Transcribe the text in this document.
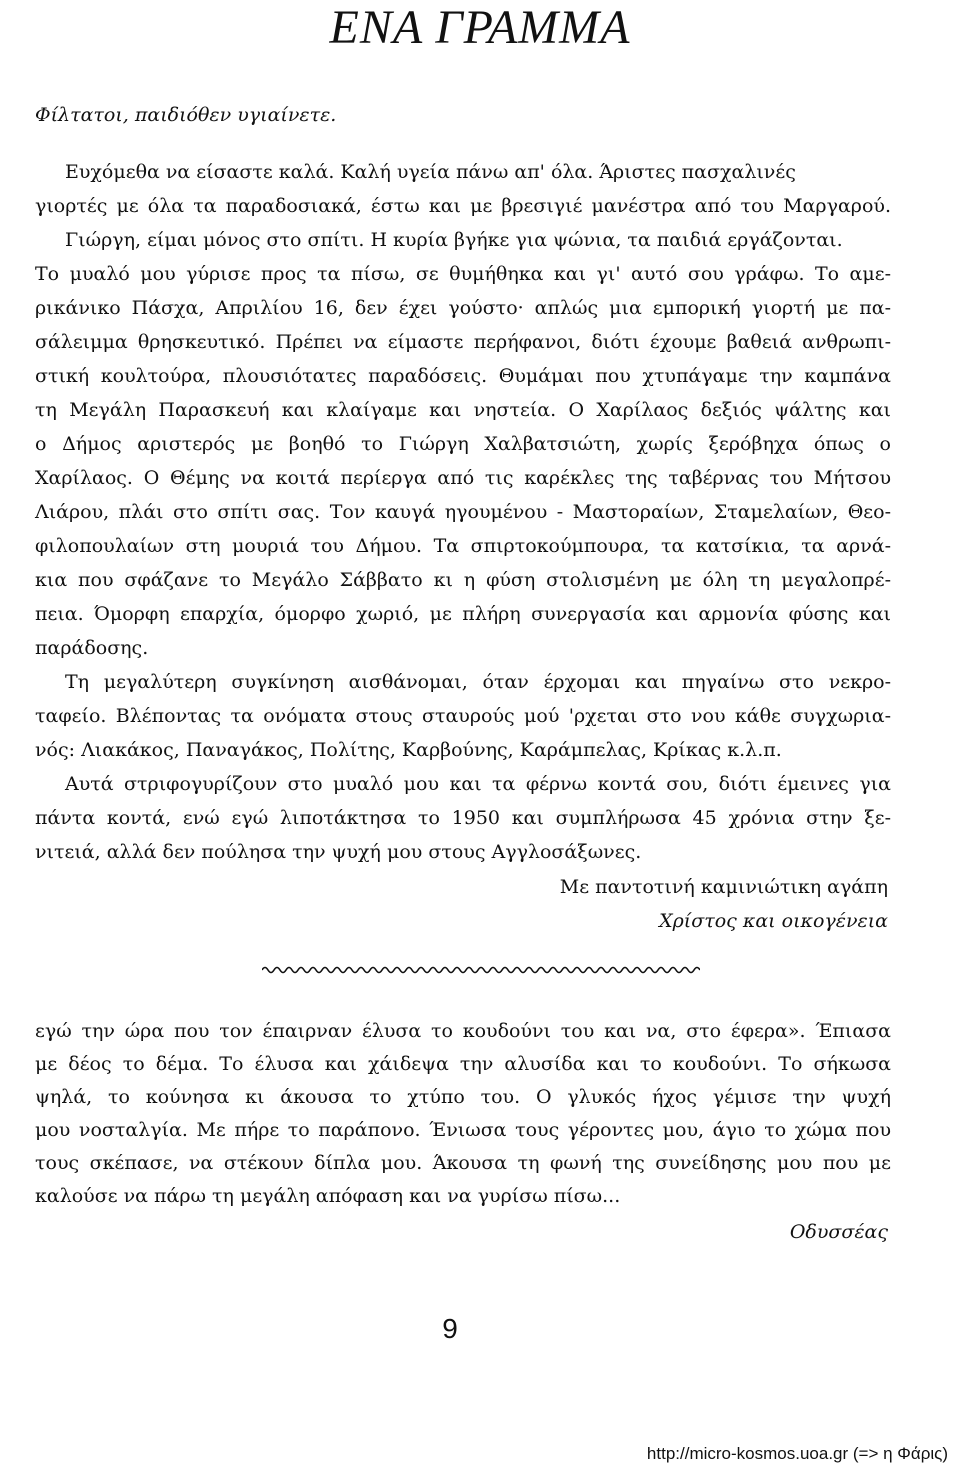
ΕΝΑ ΓΡΑΜΜΑ
Φίλτατοι, παιδιόθεν υγιαίνετε.
Ευχόμεθα να είσαστε καλά. Καλή υγεία πάνω απ' όλα. Άριστες πασχαλινές
γιορτές με όλα τα παραδοσιακά, έστω και με βρεσιγιέ μανέστρα από του Μαργαρού.
Γιώργη, είμαι μόνος στο σπίτι. Η κυρία βγήκε για ψώνια, τα παιδιά εργάζονται.
Το μυαλό μου γύρισε προς τα πίσω, σε θυμήθηκα και γι' αυτό σου γράφω. Το αμε-
ρικάνικο Πάσχα, Απριλίου 16, δεν έχει γούστο· απλώς μια εμπορική γιορτή με πα-
σάλειμμα θρησκευτικό. Πρέπει να είμαστε περήφανοι, διότι έχουμε βαθειά ανθρωπι-
στική κουλτούρα, πλουσιότατες παραδόσεις. Θυμάμαι που χτυπάγαμε την καμπάνα
τη Μεγάλη Παρασκευή και κλαίγαμε και νηστεία. Ο Χαρίλαος δεξιός ψάλτης και
ο Δήμος αριστερός με βοηθό το Γιώργη Χαλβατσιώτη, χωρίς ξερόβηχα όπως ο
Χαρίλαος. Ο Θέμης να κοιτά περίεργα από τις καρέκλες της ταβέρνας του Μήτσου
Λιάρου, πλάι στο σπίτι σας. Τον καυγά ηγουμένου - Μαστοραίων, Σταμελαίων, Θεο-
φιλοπουλαίων στη μουριά του Δήμου. Τα σπιρτοκούμπουρα, τα κατσίκια, τα αρνά-
κια που σφάζανε το Μεγάλο Σάββατο κι η φύση στολισμένη με όλη τη μεγαλοπρέ-
πεια. Όμορφη επαρχία, όμορφο χωριό, με πλήρη συνεργασία και αρμονία φύσης και
παράδοσης.
Τη μεγαλύτερη συγκίνηση αισθάνομαι, όταν έρχομαι και πηγαίνω στο νεκρο-
ταφείο. Βλέποντας τα ονόματα στους σταυρούς μού 'ρχεται στο νου κάθε συγχωρια-
νός: Λιακάκος, Παναγάκος, Πολίτης, Καρβούνης, Καράμπελας, Κρίκας κ.λ.π.
Αυτά στριφογυρίζουν στο μυαλό μου και τα φέρνω κοντά σου, διότι έμεινες για
πάντα κοντά, ενώ εγώ λιποτάκτησα το 1950 και συμπλήρωσα 45 χρόνια στην ξε-
νιτειά, αλλά δεν πούλησα την ψυχή μου στους Αγγλοσάξωνες.
Με παντοτινή καμινιώτικη αγάπη
Χρίστος και οικογένεια
εγώ την ώρα που τον έπαιρναν έλυσα το κουδούνι του και να, στο έφερα». Έπιασα
με δέος το δέμα. Το έλυσα και χάιδεψα την αλυσίδα και το κουδούνι. Το σήκωσα
ψηλά, το κούνησα κι άκουσα το χτύπο του. Ο γλυκός ήχος γέμισε την ψυχή
μου νοσταλγία. Με πήρε το παράπονο. Ένιωσα τους γέροντες μου, άγιο το χώμα που
τους σκέπασε, να στέκουν δίπλα μου. Άκουσα τη φωνή της συνείδησης μου που με
καλούσε να πάρω τη μεγάλη απόφαση και να γυρίσω πίσω...
Οδυσσέας
9
http://micro-kosmos.uoa.gr (=> η Φάρις)
